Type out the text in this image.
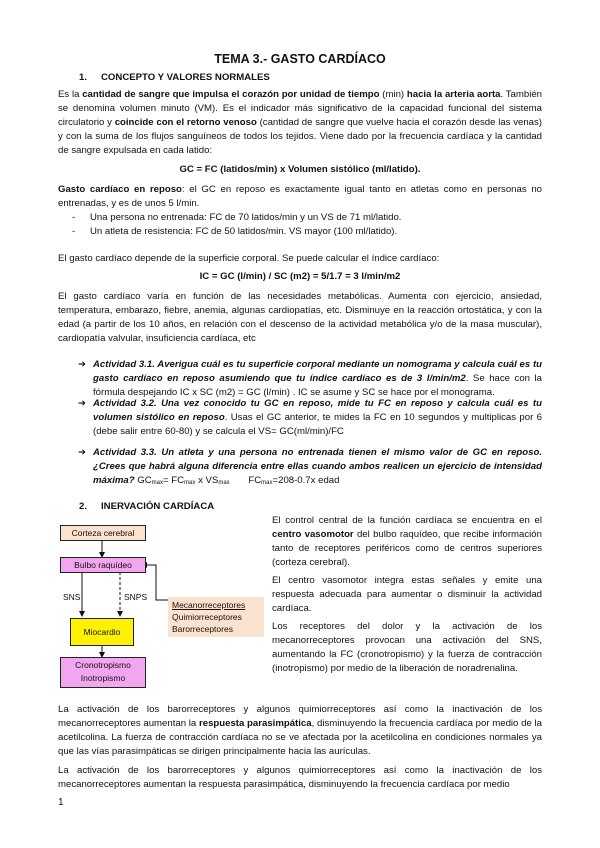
TEMA 3.- GASTO CARDÍACO
1. CONCEPTO Y VALORES NORMALES
Es la cantidad de sangre que impulsa el corazón por unidad de tiempo (min) hacia la arteria aorta. También se denomina volumen minuto (VM). Es el indicador más significativo de la capacidad funcional del sistema circulatorio y coincide con el retorno venoso (cantidad de sangre que vuelve hacia el corazón desde las venas) y con la suma de los flujos sanguíneos de todos los tejidos. Viene dado por la frecuencia cardíaca y la cantidad de sangre expulsada en cada latido:
GC = FC (latidos/min) x Volumen sistólico (ml/latido).
Gasto cardíaco en reposo: el GC en reposo es exactamente igual tanto en atletas como en personas no entrenadas, y es de unos 5 l/min.
- Una persona no entrenada: FC de 70 latidos/min y un VS de 71 ml/latido.
- Un atleta de resistencia: FC de 50 latidos/min. VS mayor (100 ml/latido).
El gasto cardíaco depende de la superficie corporal. Se puede calcular el índice cardíaco:
IC = GC (l/min) / SC (m2) = 5/1.7 = 3 l/min/m2
El gasto cardíaco varía en función de las necesidades metabólicas. Aumenta con ejercicio, ansiedad, temperatura, embarazo, fiebre, anemia, algunas cardiopatías, etc. Disminuye en la reacción ortostática, y con la edad (a partir de los 10 años, en relación con el descenso de la actividad metabólica y/o de la masa muscular), cardiopatía valvular, insuficiencia cardíaca, etc
➔ Actividad 3.1. Averigua cuál es tu superficie corporal mediante un nomograma y calcula cuál es tu gasto cardíaco en reposo asumiendo que tu índice cardíaco es de 3 l/min/m2. Se hace con la fórmula despejando IC x SC (m2) = GC (l/min) . IC se asume y SC se hace por el monograma.
➔ Actividad 3.2. Una vez conocido tu GC en reposo, mide tu FC en reposo y calcula cuál es tu volumen sistólico en reposo. Usas el GC anterior, te mides la FC en 10 segundos y multiplicas por 6 (debe salir entre 60-80) y se calcula el VS= GC(ml/min)/FC
➔ Actividad 3.3. Un atleta y una persona no entrenada tienen el mismo valor de GC en reposo. ¿Crees que habrá alguna diferencia entre ellas cuando ambos realicen un ejercicio de intensidad máxima? $GC_{max}= FC_{max}$ x $VS_{max}$ $FC_{max}=208-0.7x$ edad
2. INERVACIÓN CARDÍACA
Corteza cerebral
Bulbo raquídeo
SNS	SNPS
Miocardio
Cronotropismo
Inotropismo
Mecanorreceptores
Quimiorreceptores
Barorreceptores
El control central de la función cardíaca se encuentra en el centro vasomotor del bulbo raquídeo, que recibe información tanto de receptores periféricos como de centros superiores (corteza cerebral).
El centro vasomotor integra estas señales y emite una respuesta adecuada para aumentar o disminuir la actividad cardíaca.
Los receptores del dolor y la activación de los mecanorreceptores provocan una activación del SNS, aumentando la FC (cronotropismo) y la fuerza de contracción (inotropismo) por medio de la liberación de noradrenalina.
La activación de los barorreceptores y algunos quimiorreceptores así como la inactivación de los mecanorreceptores aumentan la respuesta parasimpática, disminuyendo la frecuencia cardíaca por medio de la acetilcolina. La fuerza de contracción cardíaca no se ve afectada por la acetilcolina en condiciones normales ya que las vías parasimpáticas se dirigen principalmente hacia las aurículas.
La activación de los barorreceptores y algunos quimiorreceptores así como la inactivación de los mecanorreceptores aumentan la respuesta parasimpática, disminuyendo la frecuencia cardíaca por medio
1
